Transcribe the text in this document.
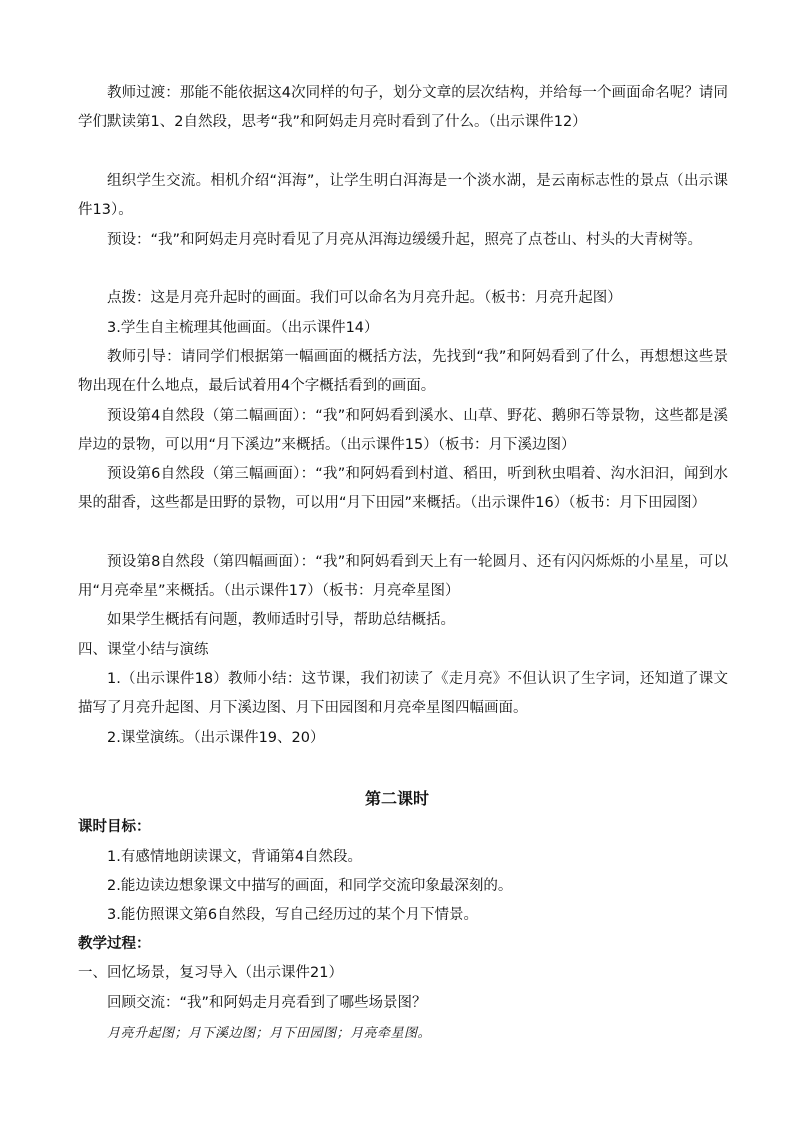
教师过渡：那能不能依据这4次同样的句子，划分文章的层次结构，并给每一个画面命名呢？请同学们默读第1、2自然段，思考“我”和阿妈走月亮时看到了什么。（出示课件12）
组织学生交流。相机介绍“洱海”，让学生明白洱海是一个淡水湖，是云南标志性的景点（出示课件13）。
预设：“我”和阿妈走月亮时看见了月亮从洱海边缓缓升起，照亮了点苍山、村头的大青树等。
点拨：这是月亮升起时的画面。我们可以命名为月亮升起。（板书：月亮升起图）
3.学生自主梳理其他画面。（出示课件14）
教师引导：请同学们根据第一幅画面的概括方法，先找到“我”和阿妈看到了什么，再想想这些景物出现在什么地点，最后试着用4个字概括看到的画面。
预设第4自然段（第二幅画面）：“我”和阿妈看到溪水、山草、野花、鹅卵石等景物，这些都是溪岸边的景物，可以用“月下溪边”来概括。（出示课件15）（板书：月下溪边图）
预设第6自然段（第三幅画面）：“我”和阿妈看到村道、稻田，听到秋虫唱着、沟水汩汩，闻到水果的甜香，这些都是田野的景物，可以用“月下田园”来概括。（出示课件16）（板书：月下田园图）
预设第8自然段（第四幅画面）：“我”和阿妈看到天上有一轮圆月、还有闪闪烁烁的小星星，可以用“月亮牵星”来概括。（出示课件17）（板书：月亮牵星图）
如果学生概括有问题，教师适时引导，帮助总结概括。
四、课堂小结与演练
1.（出示课件18）教师小结：这节课，我们初读了《走月亮》不但认识了生字词，还知道了课文描写了月亮升起图、月下溪边图、月下田园图和月亮牵星图四幅画面。
2.课堂演练。（出示课件19、20）
第二课时
课时目标：
1.有感情地朗读课文，背诵第4自然段。
2.能边读边想象课文中描写的画面，和同学交流印象最深刻的。
3.能仿照课文第6自然段，写自己经历过的某个月下情景。
教学过程：
一、回忆场景，复习导入（出示课件21）
回顾交流：“我”和阿妈走月亮看到了哪些场景图？
月亮升起图；月下溪边图；月下田园图；月亮牵星图。
